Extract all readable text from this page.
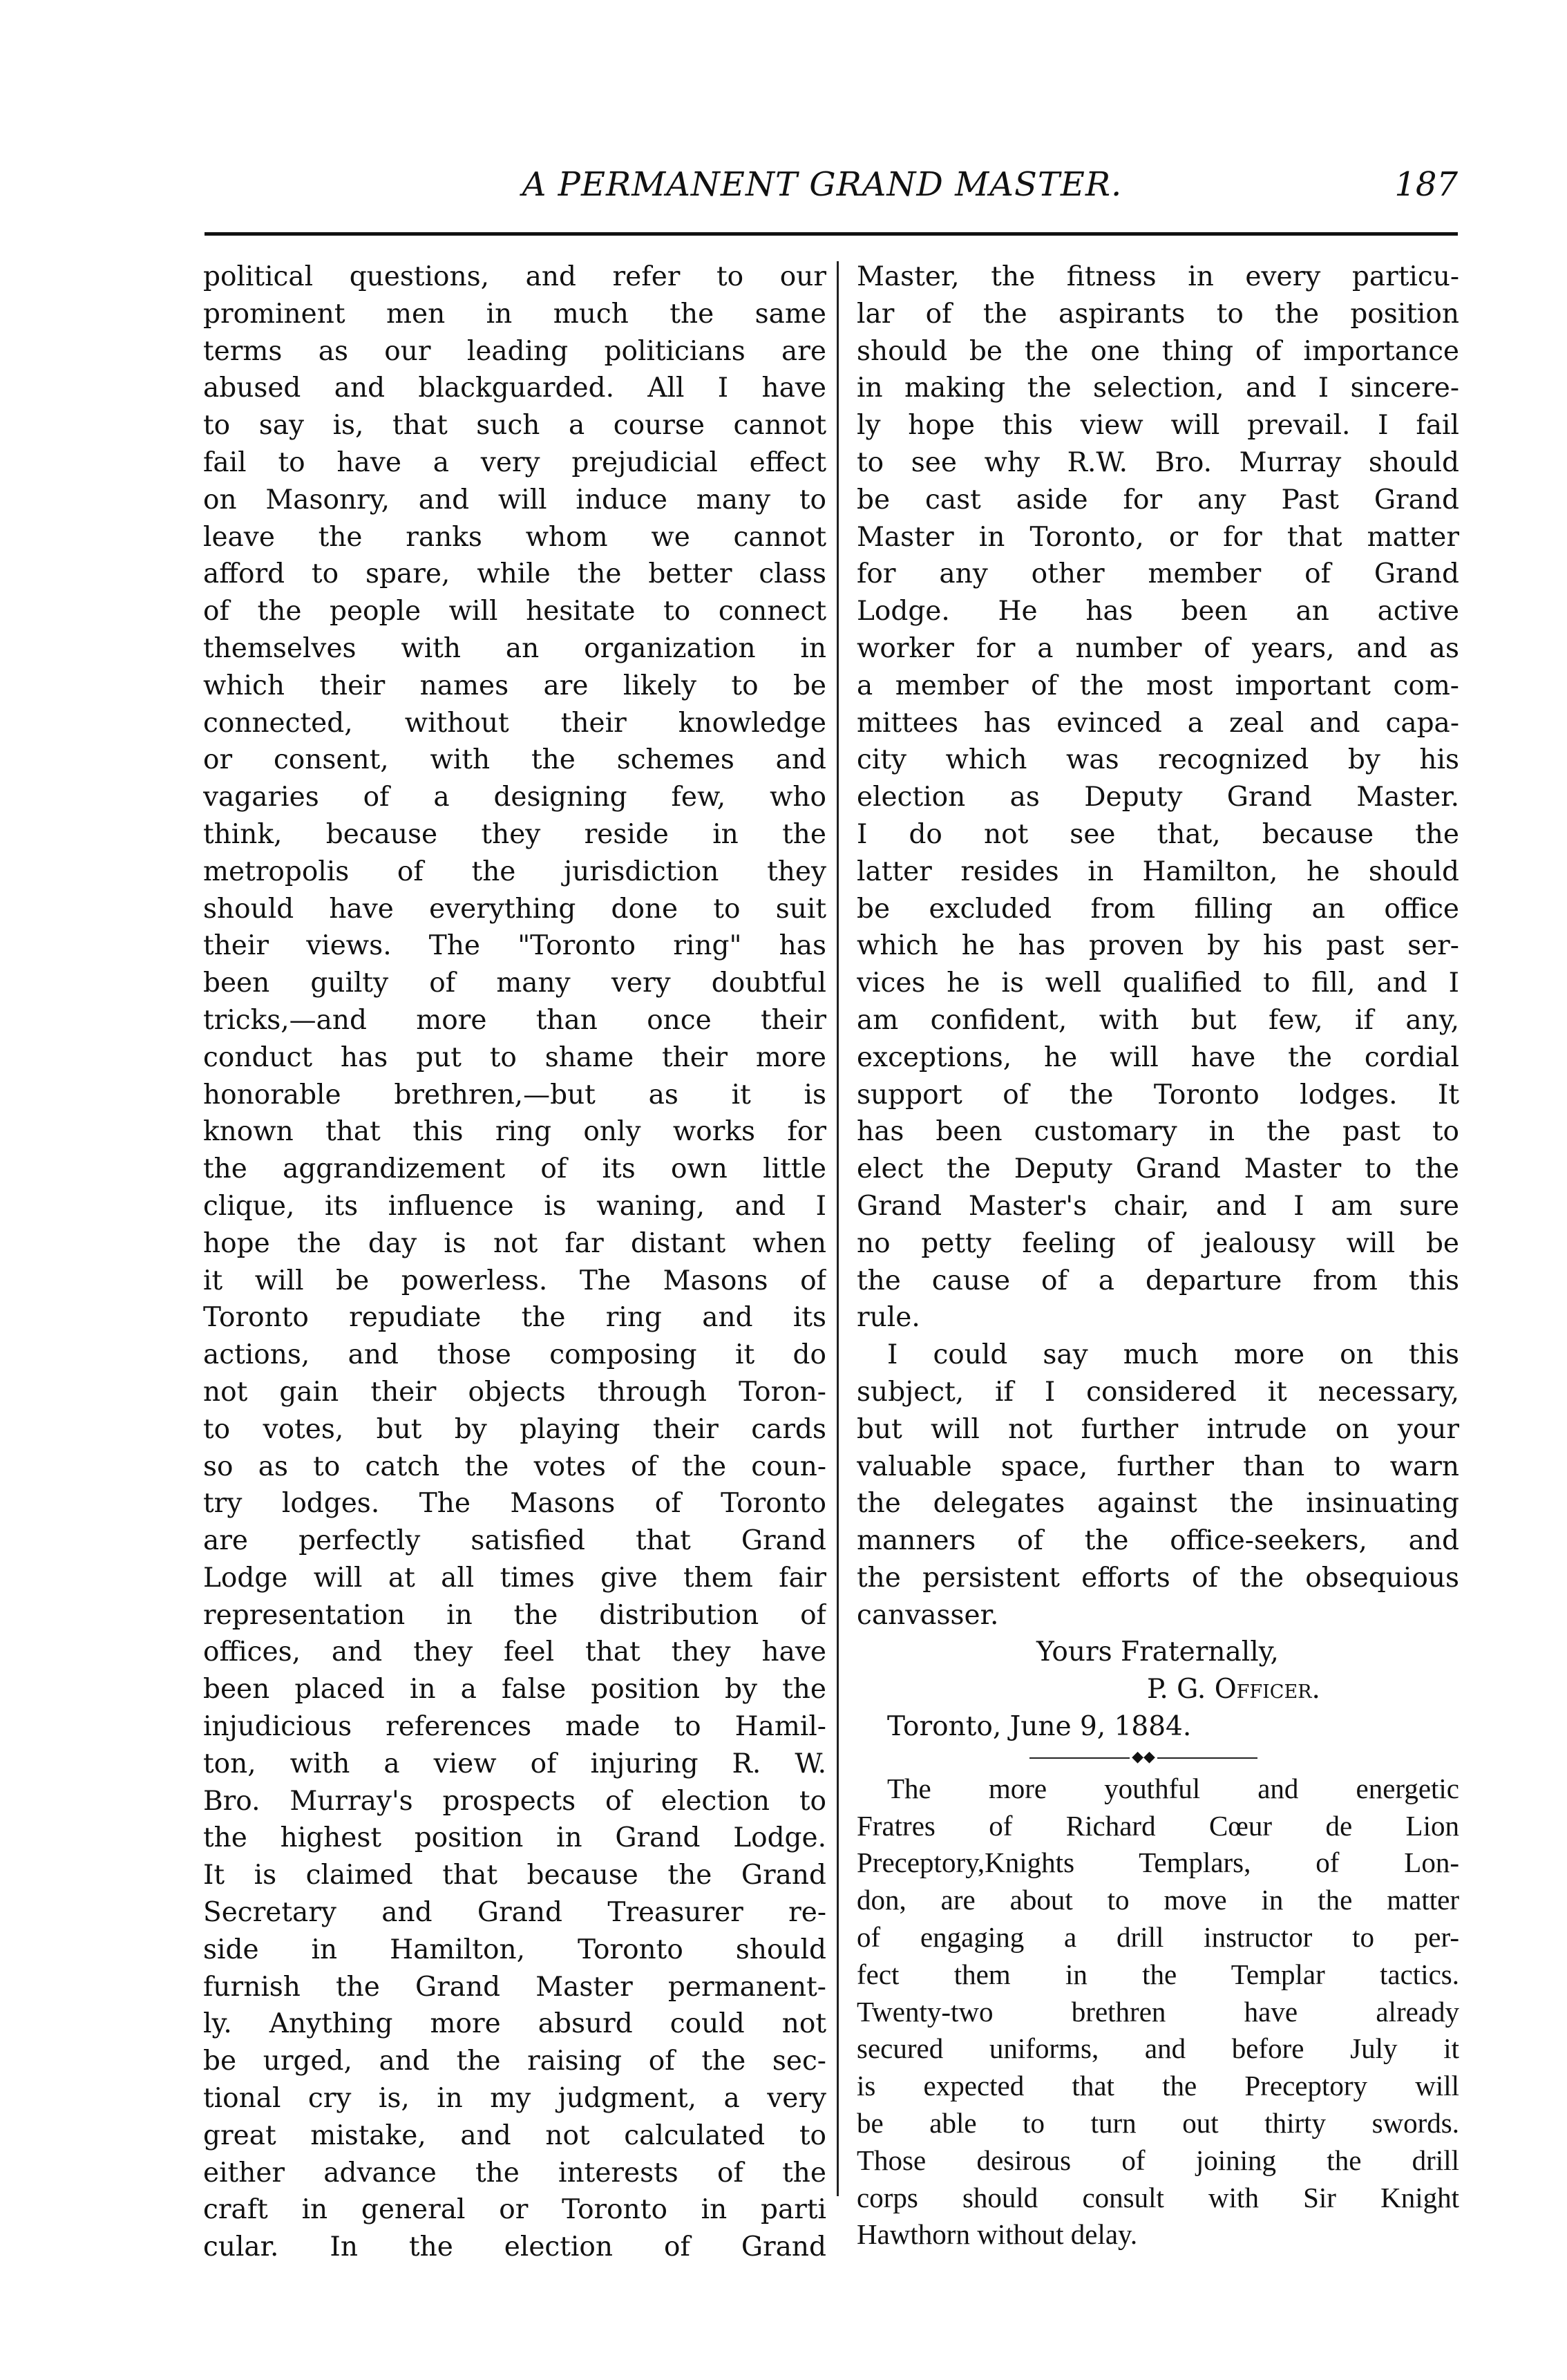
A PERMANENT GRAND MASTER.	187
political questions, and refer to our
prominent men in much the same
terms as our leading politicians are
abused and blackguarded. All I have
to say is, that such a course cannot
fail to have a very prejudicial effect
on Masonry, and will induce many to
leave the ranks whom we cannot
afford to spare, while the better class
of the people will hesitate to connect
themselves with an organization in
which their names are likely to be
connected, without their knowledge
or consent, with the schemes and
vagaries of a designing few, who
think, because they reside in the
metropolis of the jurisdiction they
should have everything done to suit
their views. The "Toronto ring" has
been guilty of many very doubtful
tricks,—and more than once their
conduct has put to shame their more
honorable brethren,—but as it is
known that this ring only works for
the aggrandizement of its own little
clique, its influence is waning, and I
hope the day is not far distant when
it will be powerless. The Masons of
Toronto repudiate the ring and its
actions, and those composing it do
not gain their objects through Toron-
to votes, but by playing their cards
so as to catch the votes of the coun-
try lodges. The Masons of Toronto
are perfectly satisfied that Grand
Lodge will at all times give them fair
representation in the distribution of
offices, and they feel that they have
been placed in a false position by the
injudicious references made to Hamil-
ton, with a view of injuring R. W.
Bro. Murray's prospects of election to
the highest position in Grand Lodge.
It is claimed that because the Grand
Secretary and Grand Treasurer re-
side in Hamilton, Toronto should
furnish the Grand Master permanent-
ly. Anything more absurd could not
be urged, and the raising of the sec-
tional cry is, in my judgment, a very
great mistake, and not calculated to
either advance the interests of the
craft in general or Toronto in parti
cular. In the election of Grand
Master, the fitness in every particu-
lar of the aspirants to the position
should be the one thing of importance
in making the selection, and I sincere-
ly hope this view will prevail. I fail
to see why R.W. Bro. Murray should
be cast aside for any Past Grand
Master in Toronto, or for that matter
for any other member of Grand
Lodge. He has been an active
worker for a number of years, and as
a member of the most important com-
mittees has evinced a zeal and capa-
city which was recognized by his
election as Deputy Grand Master.
I do not see that, because the
latter resides in Hamilton, he should
be excluded from filling an office
which he has proven by his past ser-
vices he is well qualified to fill, and I
am confident, with but few, if any,
exceptions, he will have the cordial
support of the Toronto lodges. It
has been customary in the past to
elect the Deputy Grand Master to the
Grand Master's chair, and I am sure
no petty feeling of jealousy will be
the cause of a departure from this
rule.
I could say much more on this
subject, if I considered it necessary,
but will not further intrude on your
valuable space, further than to warn
the delegates against the insinuating
manners of the office-seekers, and
the persistent efforts of the obsequious
canvasser.
Yours Fraternally,
P. G. Officer.
Toronto, June 9, 1884.
◆◆
The more youthful and energetic
Fratres of Richard Cœur de Lion
Preceptory,Knights Templars, of Lon-
don, are about to move in the matter
of engaging a drill instructor to per-
fect them in the Templar tactics.
Twenty-two brethren have already
secured uniforms, and before July it
is expected that the Preceptory will
be able to turn out thirty swords.
Those desirous of joining the drill
corps should consult with Sir Knight
Hawthorn without delay.
